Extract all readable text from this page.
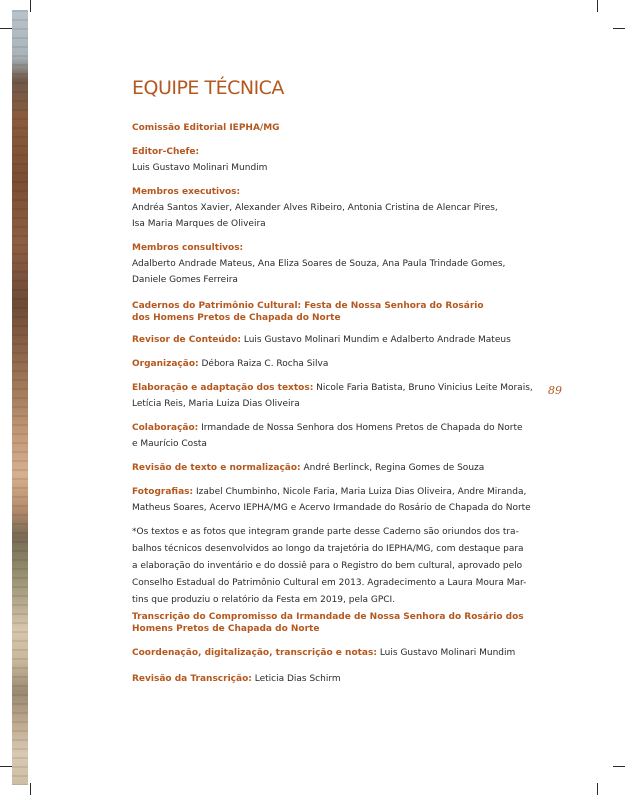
EQUIPE TÉCNICA
89
Comissão Editorial IEPHA/MG
Editor-Chefe:
Luis Gustavo Molinari Mundim
Membros executivos:
Andréa Santos Xavier, Alexander Alves Ribeiro, Antonia Cristina de Alencar Pires,
Isa Maria Marques de Oliveira
Membros consultivos:
Adalberto Andrade Mateus, Ana Eliza Soares de Souza, Ana Paula Trindade Gomes,
Daniele Gomes Ferreira
Cadernos do Patrimônio Cultural: Festa de Nossa Senhora do Rosário
dos Homens Pretos de Chapada do Norte
Revisor de Conteúdo: Luis Gustavo Molinari Mundim e Adalberto Andrade Mateus
Organização: Débora Raiza C. Rocha Silva
Elaboração e adaptação dos textos: Nicole Faria Batista, Bruno Vinicius Leite Morais,
Letícia Reis, Maria Luiza Dias Oliveira
Colaboração: Irmandade de Nossa Senhora dos Homens Pretos de Chapada do Norte
e Maurício Costa
Revisão de texto e normalização: André Berlinck, Regina Gomes de Souza
Fotografias: Izabel Chumbinho, Nicole Faria, Maria Luiza Dias Oliveira, Andre Miranda,
Matheus Soares, Acervo IEPHA/MG e Acervo Irmandade do Rosário de Chapada do Norte
*Os textos e as fotos que integram grande parte desse Caderno são oriundos dos tra-
balhos técnicos desenvolvidos ao longo da trajetória do IEPHA/MG, com destaque para
a elaboração do inventário e do dossiê para o Registro do bem cultural, aprovado pelo
Conselho Estadual do Patrimônio Cultural em 2013. Agradecimento a Laura Moura Mar-
tins que produziu o relatório da Festa em 2019, pela GPCI.
Transcrição do Compromisso da Irmandade de Nossa Senhora do Rosário dos
Homens Pretos de Chapada do Norte
Coordenação, digitalização, transcrição e notas: Luis Gustavo Molinari Mundim
Revisão da Transcrição: Leticia Dias Schirm
